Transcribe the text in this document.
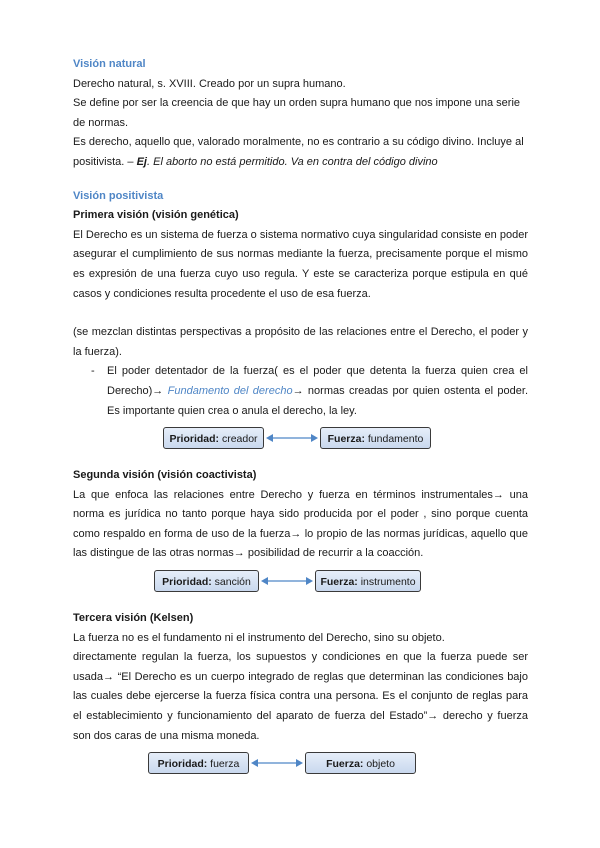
Visión natural

Derecho natural, s. XVIII. Creado por un supra humano.

Se define por ser la creencia de que hay un orden supra humano que nos impone una serie de normas.

Es derecho, aquello que, valorado moralmente, no es contrario a su código divino. Incluye al positivista. – Ej. El aborto no está permitido. Va en contra del código divino

Visión positivista

Primera visión (visión genética)

El Derecho es un sistema de fuerza o sistema normativo cuya singularidad consiste en poder asegurar el cumplimiento de sus normas mediante la fuerza, precisamente porque el mismo es expresión de una fuerza cuyo uso regula. Y este se caracteriza porque estipula en qué casos y condiciones resulta procedente el uso de esa fuerza.

(se mezclan distintas perspectivas a propósito de las relaciones entre el Derecho, el poder y la fuerza).

- El poder detentador de la fuerza( es el poder que detenta la fuerza quien crea el Derecho)→ Fundamento del derecho→ normas creadas por quien ostenta el poder. Es importante quien crea o anula el derecho, la ley.
Prioridad: creador	Fuerza: fundamento

Segunda visión (visión coactivista)

La que enfoca las relaciones entre Derecho y fuerza en términos instrumentales→ una norma es jurídica no tanto porque haya sido producida por el poder , sino porque cuenta como respaldo en forma de uso de la fuerza→ lo propio de las normas jurídicas, aquello que las distingue de las otras normas→ posibilidad de recurrir a la coacción.

Prioridad: sanción	Fuerza: instrumento

Tercera visión (Kelsen)

La fuerza no es el fundamento ni el instrumento del Derecho, sino su objeto.

directamente regulan la fuerza, los supuestos y condiciones en que la fuerza puede ser usada→ “El Derecho es un cuerpo integrado de reglas que determinan las condiciones bajo las cuales debe ejercerse la fuerza física contra una persona. Es el conjunto de reglas para el establecimiento y funcionamiento del aparato de fuerza del Estado”→ derecho y fuerza son dos caras de una misma moneda.

Prioridad: fuerza	Fuerza: objeto
